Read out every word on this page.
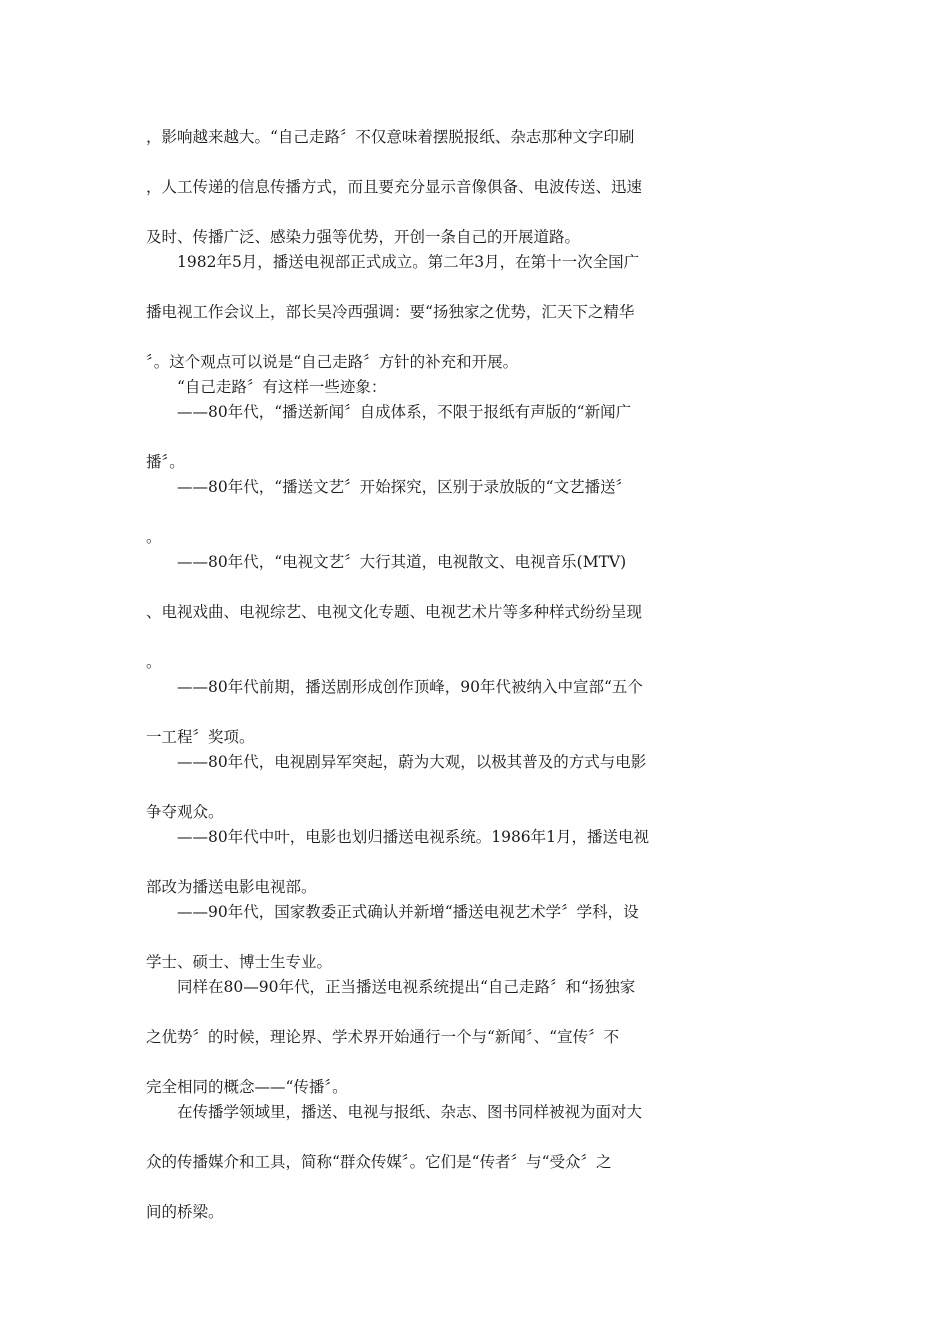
，影响越来越大。“自己走路〞不仅意味着摆脱报纸、杂志那种文字印刷
，人工传递的信息传播方式，而且要充分显示音像俱备、电波传送、迅速
及时、传播广泛、感染力强等优势，开创一条自己的开展道路。
1982年5月，播送电视部正式成立。第二年3月，在第十一次全国广
播电视工作会议上，部长吴冷西强调：要“扬独家之优势，汇天下之精华
〞。这个观点可以说是“自己走路〞方针的补充和开展。
“自己走路〞有这样一些迹象：
——80年代，“播送新闻〞自成体系，不限于报纸有声版的“新闻广
播〞。
——80年代，“播送文艺〞开始探究，区别于录放版的“文艺播送〞
。
——80年代，“电视文艺〞大行其道，电视散文、电视音乐(MTV)
、电视戏曲、电视综艺、电视文化专题、电视艺术片等多种样式纷纷呈现
。
——80年代前期，播送剧形成创作顶峰，90年代被纳入中宣部“五个
一工程〞奖项。
——80年代，电视剧异军突起，蔚为大观，以极其普及的方式与电影
争夺观众。
——80年代中叶，电影也划归播送电视系统。1986年1月，播送电视
部改为播送电影电视部。
——90年代，国家教委正式确认并新增“播送电视艺术学〞学科，设
学士、硕士、博士生专业。
同样在80—90年代，正当播送电视系统提出“自己走路〞和“扬独家
之优势〞的时候，理论界、学术界开始通行一个与“新闻〞、“宣传〞不
完全相同的概念——“传播〞。
在传播学领域里，播送、电视与报纸、杂志、图书同样被视为面对大
众的传播媒介和工具，简称“群众传媒〞。它们是“传者〞与“受众〞之
间的桥梁。
